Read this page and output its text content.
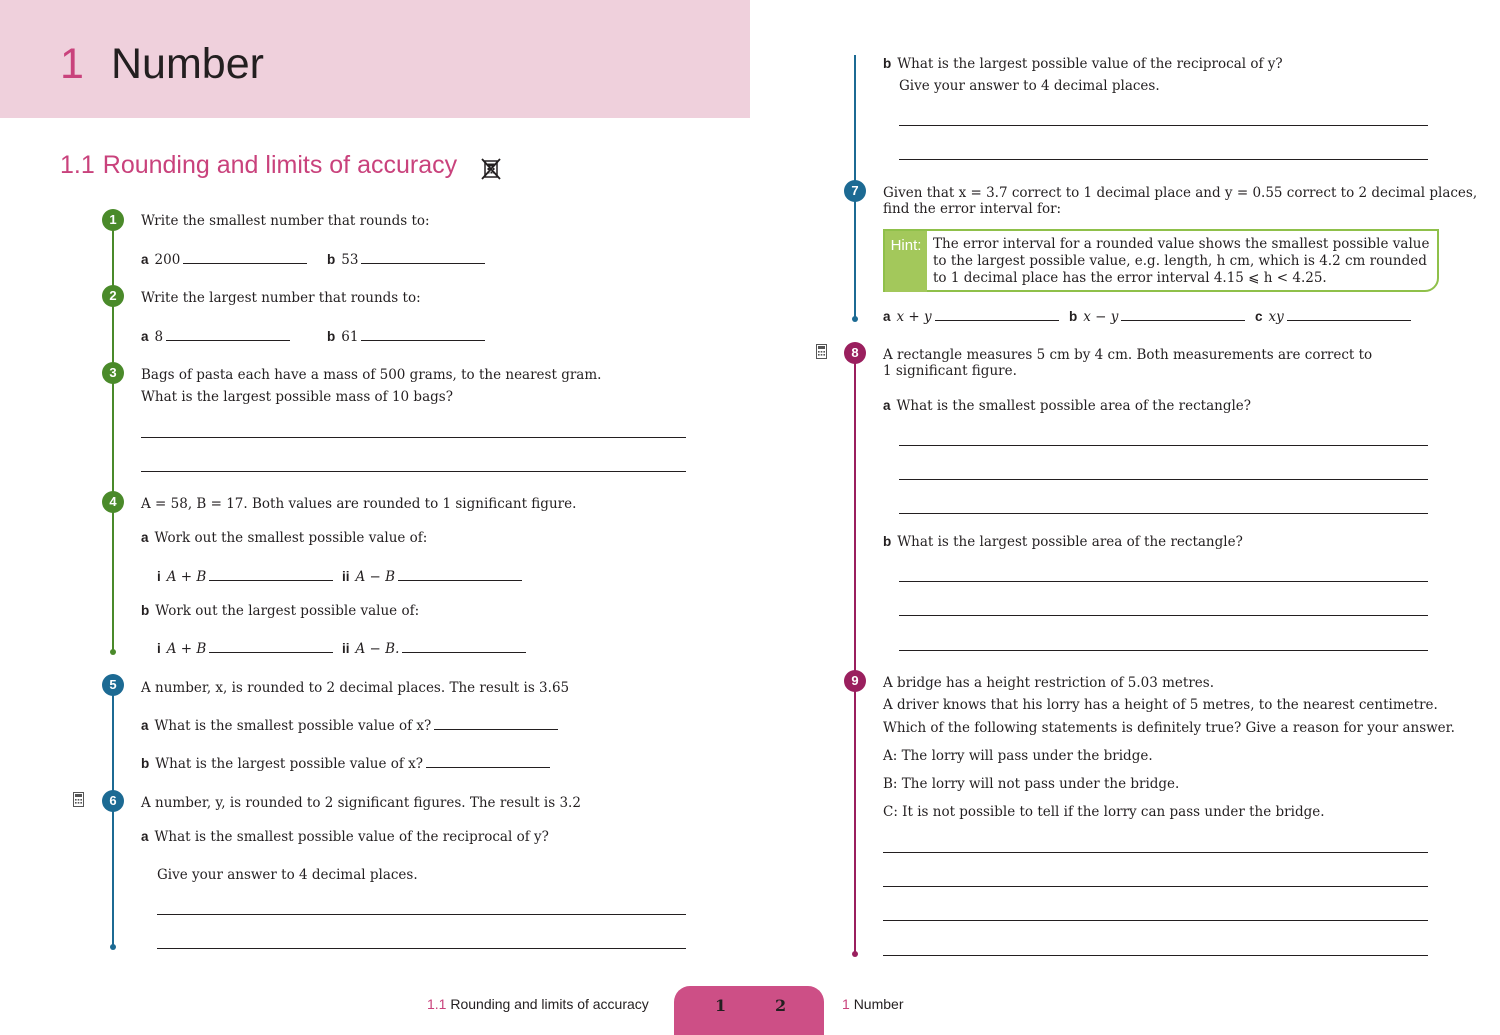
1 Number
1.1 Rounding and limits of accuracy
1	Write the smallest number that rounds to:
a 200	b 53
2	Write the largest number that rounds to:
a 8	b 61
3	Bags of pasta each have a mass of 500 grams, to the nearest gram.
What is the largest possible mass of 10 bags?
4	A = 58, B = 17. Both values are rounded to 1 significant figure.
a Work out the smallest possible value of:
i A + B	ii A − B
b Work out the largest possible value of:
i A + B	ii A − B.
5	A number, x, is rounded to 2 decimal places. The result is 3.65
a What is the smallest possible value of x?
b What is the largest possible value of x?
6	A number, y, is rounded to 2 significant figures. The result is 3.2
a What is the smallest possible value of the reciprocal of y?
Give your answer to 4 decimal places.
b What is the largest possible value of the reciprocal of y?
Give your answer to 4 decimal places.
7	Given that x = 3.7 correct to 1 decimal place and y = 0.55 correct to 2 decimal places,
find the error interval for:
Hint: The error interval for a rounded value shows the smallest possible value to the largest possible value, e.g. length, h cm, which is 4.2 cm rounded to 1 decimal place has the error interval 4.15 ⩽ h < 4.25.
a x + y	b x − y	c xy
8	A rectangle measures 5 cm by 4 cm. Both measurements are correct to
1 significant figure.
a What is the smallest possible area of the rectangle?
b What is the largest possible area of the rectangle?
9	A bridge has a height restriction of 5.03 metres.
A driver knows that his lorry has a height of 5 metres, to the nearest centimetre.
Which of the following statements is definitely true? Give a reason for your answer.
A: The lorry will pass under the bridge.
B: The lorry will not pass under the bridge.
C: It is not possible to tell if the lorry can pass under the bridge.
1.1 Rounding and limits of accuracy	1	2	1 Number
